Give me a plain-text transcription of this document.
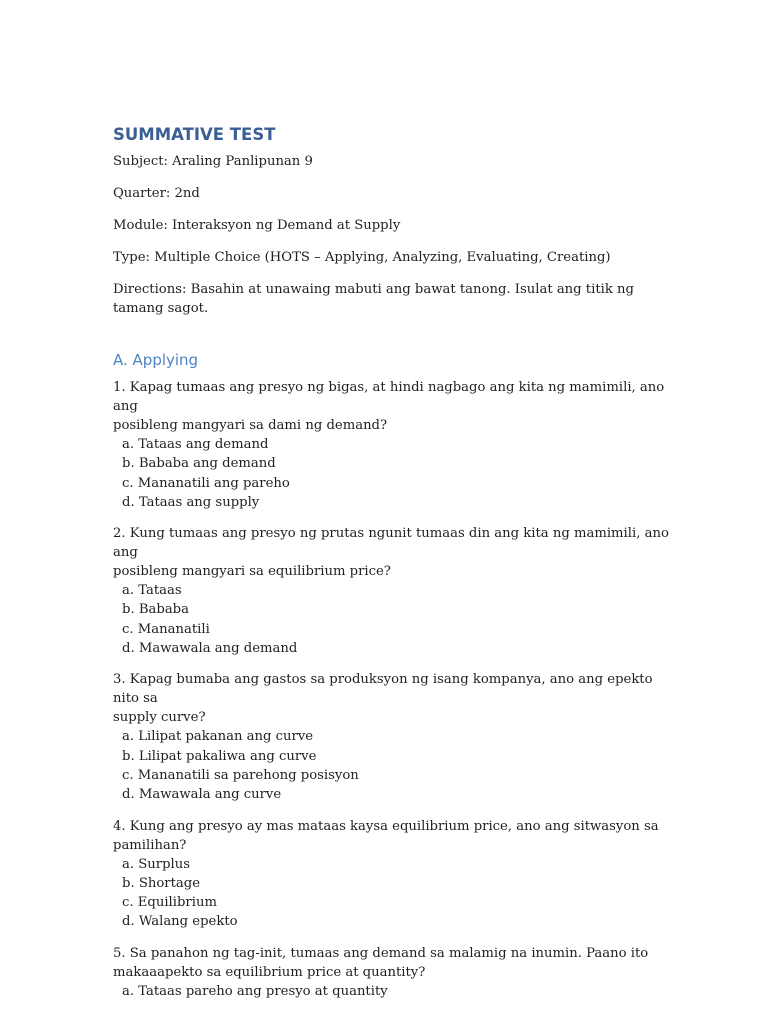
SUMMATIVE TEST

Subject: Araling Panlipunan 9

Quarter: 2nd

Module: Interaksyon ng Demand at Supply

Type: Multiple Choice (HOTS – Applying, Analyzing, Evaluating, Creating)

Directions: Basahin at unawaing mabuti ang bawat tanong. Isulat ang titik ng tamang sagot.

A. Applying

1. Kapag tumaas ang presyo ng bigas, at hindi nagbago ang kita ng mamimili, ano ang
posibleng mangyari sa dami ng demand?

a. Tataas ang demand
b. Bababa ang demand
c. Mananatili ang pareho
d. Tataas ang supply

2. Kung tumaas ang presyo ng prutas ngunit tumaas din ang kita ng mamimili, ano ang
posibleng mangyari sa equilibrium price?

a. Tataas
b. Bababa
c. Mananatili
d. Mawawala ang demand

3. Kapag bumaba ang gastos sa produksyon ng isang kompanya, ano ang epekto nito sa
supply curve?

a. Lilipat pakanan ang curve
b. Lilipat pakaliwa ang curve
c. Mananatili sa parehong posisyon
d. Mawawala ang curve

4. Kung ang presyo ay mas mataas kaysa equilibrium price, ano ang sitwasyon sa
pamilihan?

a. Surplus
b. Shortage
c. Equilibrium
d. Walang epekto

5. Sa panahon ng tag-init, tumaas ang demand sa malamig na inumin. Paano ito
makaaapekto sa equilibrium price at quantity?

a. Tataas pareho ang presyo at quantity
